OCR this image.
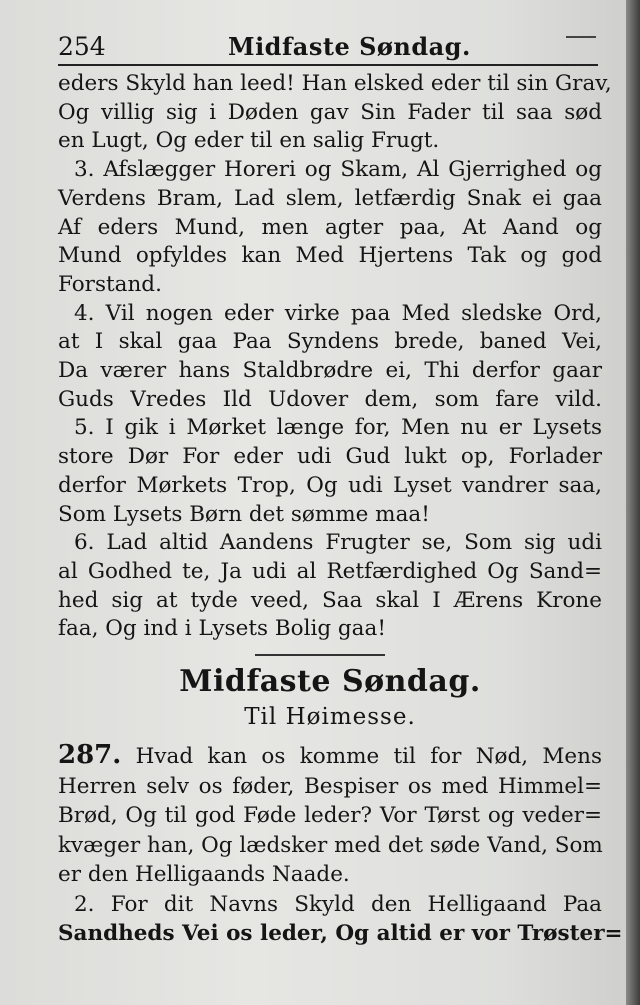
254	Midfaste Søndag.
eders Skyld han leed! Han elsked eder til sin Grav,
Og villig sig i Døden gav Sin Fader til saa sød
en Lugt, Og eder til en salig Frugt.
3. Afslægger Horeri og Skam, Al Gjerrighed og
Verdens Bram, Lad slem, letfærdig Snak ei gaa
Af eders Mund, men agter paa, At Aand og
Mund opfyldes kan Med Hjertens Tak og god
Forstand.
4. Vil nogen eder virke paa Med sledske Ord,
at I skal gaa Paa Syndens brede, baned Vei,
Da værer hans Staldbrødre ei, Thi derfor gaar
Guds Vredes Ild Udover dem, som fare vild.
5. I gik i Mørket længe for, Men nu er Lysets
store Dør For eder udi Gud lukt op, Forlader
derfor Mørkets Trop, Og udi Lyset vandrer saa,
Som Lysets Børn det sømme maa!
6. Lad altid Aandens Frugter se, Som sig udi
al Godhed te, Ja udi al Retfærdighed Og Sand=
hed sig at tyde veed, Saa skal I Ærens Krone
faa, Og ind i Lysets Bolig gaa!
Midfaste Søndag.
Til Høimesse.
287. Hvad kan os komme til for Nød, Mens
Herren selv os føder, Bespiser os med Himmel=
Brød, Og til god Føde leder? Vor Tørst og veder=
kvæger han, Og lædsker med det søde Vand, Som
er den Helligaands Naade.
2. For dit Navns Skyld den Helligaand Paa
Sandheds Vei os leder, Og altid er vor Trøster=
